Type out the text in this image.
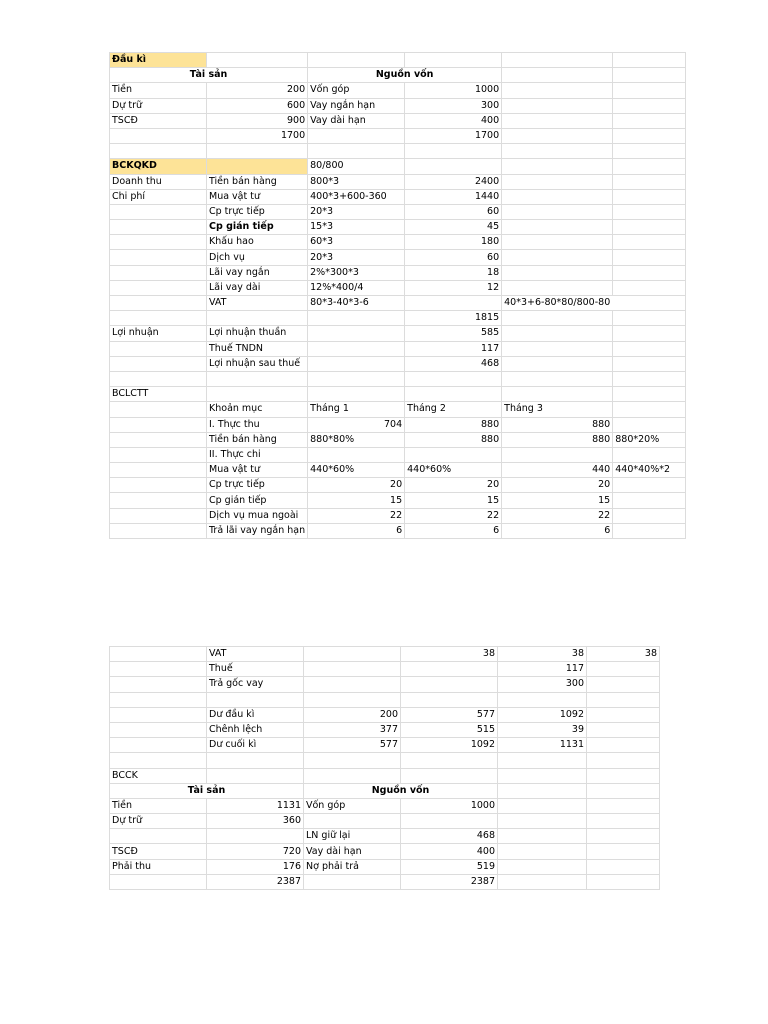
Đầu kì					
Tài sản		Nguồn vốn			
Tiền	200	Vốn góp	1000		
Dự trữ	600	Vay ngắn hạn	300		
TSCĐ	900	Vay dài hạn	400		
	1700		1700		

BCKQKD		80/800			
Doanh thu	Tiền bán hàng	800*3	2400		
Chi phí	Mua vật tư	400*3+600-360	1440		
	Cp trực tiếp	20*3	60		
	Cp gián tiếp	15*3	45		
	Khấu hao	60*3	180		
	Dịch vụ	20*3	60		
	Lãi vay ngắn	2%*300*3	18		
	Lãi vay dài	12%*400/4	12		
	VAT	80*3-40*3-6		40*3+6-80*80/800-80	
			1815		
Lợi nhuận	Lợi nhuận thuần		585		
	Thuế TNDN		117		
	Lợi nhuận sau thuế		468		

BCLCTT					
	Khoản mục	Tháng 1	Tháng 2	Tháng 3	
	I. Thực thu	704	880	880	
	Tiền bán hàng	880*80%	880	880	880*20%
	II. Thực chi				
	Mua vật tư	440*60%	440*60%	440	440*40%*2
	Cp trực tiếp	20	20	20	
	Cp gián tiếp	15	15	15	
	Dịch vụ mua ngoài	22	22	22	
	Trả lãi vay ngắn hạn	6	6	6	
	VAT		38	38	38
	Thuế			117	
	Trả gốc vay			300	

	Dư đầu kì	200	577	1092	
	Chênh lệch	377	515	39	
	Dư cuối kì	577	1092	1131	

BCCK					
Tài sản		Nguồn vốn			
Tiền	1131	Vốn góp	1000		
Dự trữ	360				
		LN giữ lại	468		
TSCĐ	720	Vay dài hạn	400		
Phải thu	176	Nợ phải trả	519		
	2387		2387		
